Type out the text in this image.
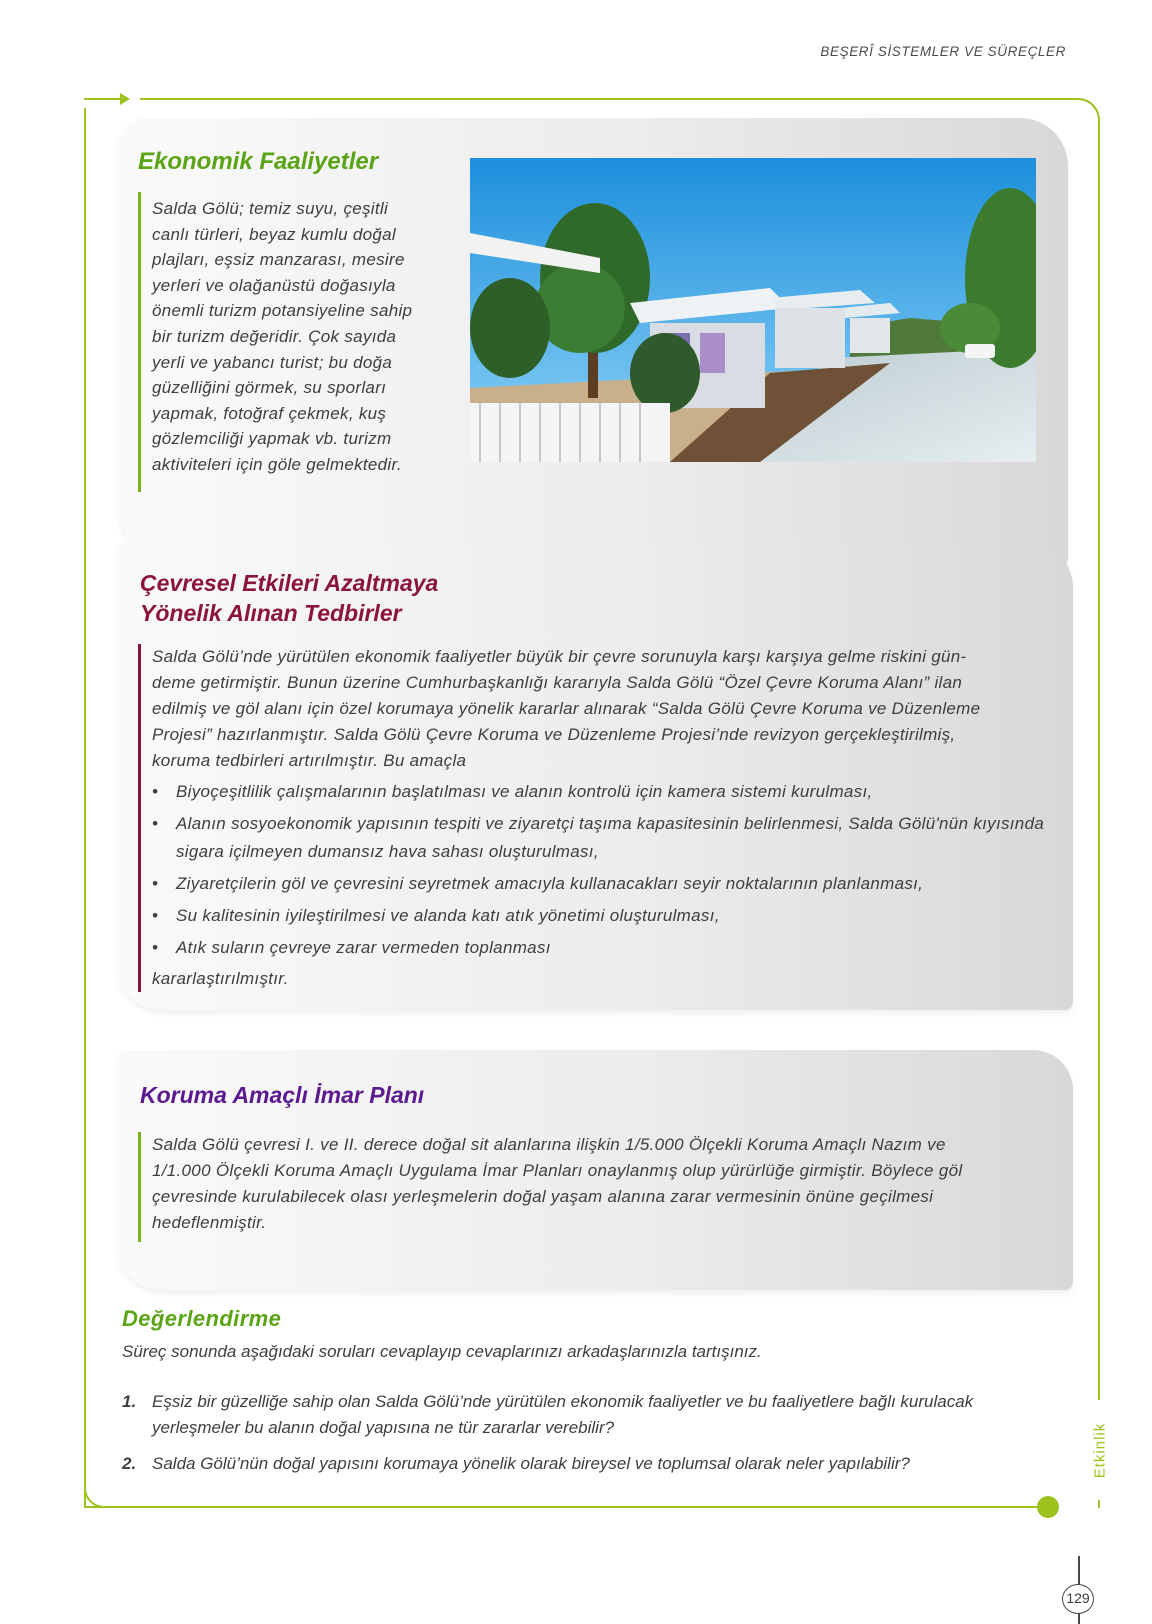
BEŞERÎ SİSTEMLER VE SÜREÇLER
Etkinlik
129
Ekonomik Faaliyetler
Salda Gölü; temiz suyu, çeşitli
canlı türleri, beyaz kumlu doğal
plajları, eşsiz manzarası, mesire
yerleri ve olağanüstü doğasıyla
önemli turizm potansiyeline sahip
bir turizm değeridir. Çok sayıda
yerli ve yabancı turist; bu doğa
güzelliğini görmek, su sporları
yapmak, fotoğraf çekmek, kuş
gözlemciliği yapmak vb. turizm
aktiviteleri için göle gelmektedir.
Çevresel Etkileri Azaltmaya
Yönelik Alınan Tedbirler
Salda Gölü’nde yürütülen ekonomik faaliyetler büyük bir çevre sorunuyla karşı karşıya gelme riskini gün-
deme getirmiştir. Bunun üzerine Cumhurbaşkanlığı kararıyla Salda Gölü “Özel Çevre Koruma Alanı” ilan
edilmiş ve göl alanı için özel korumaya yönelik kararlar alınarak “Salda Gölü Çevre Koruma ve Düzenleme
Projesi” hazırlanmıştır. Salda Gölü Çevre Koruma ve Düzenleme Projesi’nde revizyon gerçekleştirilmiş,
koruma tedbirleri artırılmıştır. Bu amaçla
• Biyoçeşitlilik çalışmalarının başlatılması ve alanın kontrolü için kamera sistemi kurulması,
• Alanın sosyoekonomik yapısının tespiti ve ziyaretçi taşıma kapasitesinin belirlenmesi, Salda Gölü'nün kıyısında sigara içilmeyen dumansız hava sahası oluşturulması,
• Ziyaretçilerin göl ve çevresini seyretmek amacıyla kullanacakları seyir noktalarının planlanması,
• Su kalitesinin iyileştirilmesi ve alanda katı atık yönetimi oluşturulması,
• Atık suların çevreye zarar vermeden toplanması
kararlaştırılmıştır.
Koruma Amaçlı İmar Planı
Salda Gölü çevresi I. ve II. derece doğal sit alanlarına ilişkin 1/5.000 Ölçekli Koruma Amaçlı Nazım ve
1/1.000 Ölçekli Koruma Amaçlı Uygulama İmar Planları onaylanmış olup yürürlüğe girmiştir. Böylece göl
çevresinde kurulabilecek olası yerleşmelerin doğal yaşam alanına zarar vermesinin önüne geçilmesi
hedeflenmiştir.
Değerlendirme
Süreç sonunda aşağıdaki soruları cevaplayıp cevaplarınızı arkadaşlarınızla tartışınız.
1. Eşsiz bir güzelliğe sahip olan Salda Gölü’nde yürütülen ekonomik faaliyetler ve bu faaliyetlere bağlı kurulacak
yerleşmeler bu alanın doğal yapısına ne tür zararlar verebilir?
2. Salda Gölü’nün doğal yapısını korumaya yönelik olarak bireysel ve toplumsal olarak neler yapılabilir?
